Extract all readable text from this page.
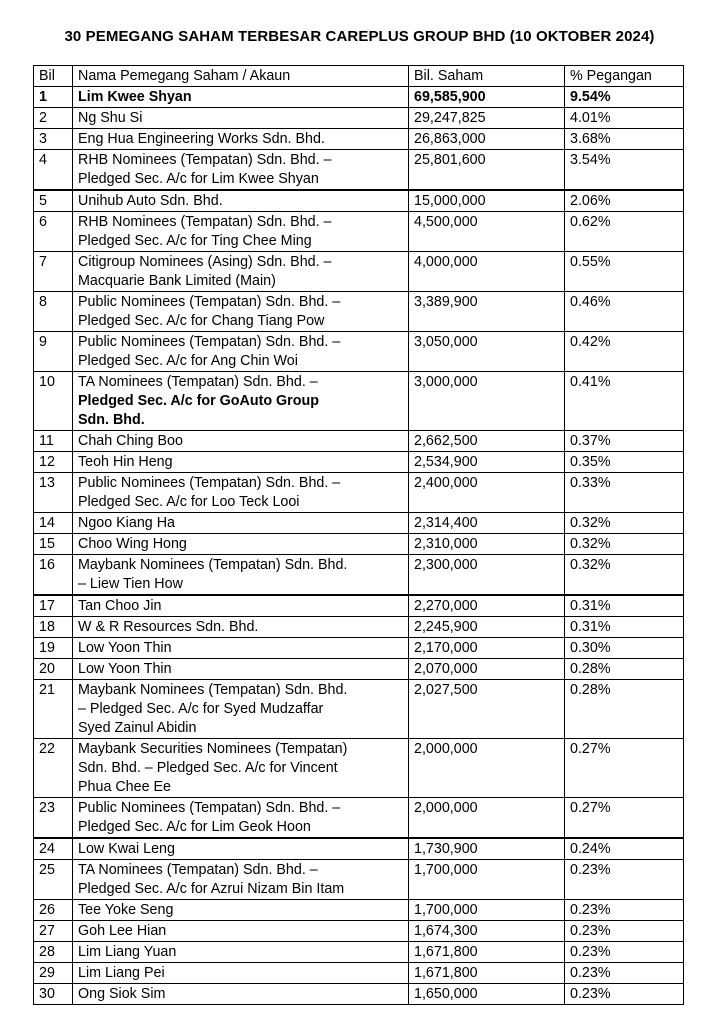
30 PEMEGANG SAHAM TERBESAR CAREPLUS GROUP BHD (10 OKTOBER 2024)
Bil	Nama Pemegang Saham / Akaun	Bil. Saham	% Pegangan
1	Lim Kwee Shyan	69,585,900	9.54%
2	Ng Shu Si	29,247,825	4.01%
3	Eng Hua Engineering Works Sdn. Bhd.	26,863,000	3.68%
4	RHB Nominees (Tempatan) Sdn. Bhd. –
Pledged Sec. A/c for Lim Kwee Shyan	25,801,600	3.54%
5	Unihub Auto Sdn. Bhd.	15,000,000	2.06%
6	RHB Nominees (Tempatan) Sdn. Bhd. –
Pledged Sec. A/c for Ting Chee Ming	4,500,000	0.62%
7	Citigroup Nominees (Asing) Sdn. Bhd. –
Macquarie Bank Limited (Main)	4,000,000	0.55%
8	Public Nominees (Tempatan) Sdn. Bhd. –
Pledged Sec. A/c for Chang Tiang Pow	3,389,900	0.46%
9	Public Nominees (Tempatan) Sdn. Bhd. –
Pledged Sec. A/c for Ang Chin Woi	3,050,000	0.42%
10	TA Nominees (Tempatan) Sdn. Bhd. –
Pledged Sec. A/c for GoAuto Group
Sdn. Bhd.	3,000,000	0.41%
11	Chah Ching Boo	2,662,500	0.37%
12	Teoh Hin Heng	2,534,900	0.35%
13	Public Nominees (Tempatan) Sdn. Bhd. –
Pledged Sec. A/c for Loo Teck Looi	2,400,000	0.33%
14	Ngoo Kiang Ha	2,314,400	0.32%
15	Choo Wing Hong	2,310,000	0.32%
16	Maybank Nominees (Tempatan) Sdn. Bhd.
– Liew Tien How	2,300,000	0.32%
17	Tan Choo Jin	2,270,000	0.31%
18	W & R Resources Sdn. Bhd.	2,245,900	0.31%
19	Low Yoon Thin	2,170,000	0.30%
20	Low Yoon Thin	2,070,000	0.28%
21	Maybank Nominees (Tempatan) Sdn. Bhd.
– Pledged Sec. A/c for Syed Mudzaffar
Syed Zainul Abidin	2,027,500	0.28%
22	Maybank Securities Nominees (Tempatan)
Sdn. Bhd. – Pledged Sec. A/c for Vincent
Phua Chee Ee	2,000,000	0.27%
23	Public Nominees (Tempatan) Sdn. Bhd. –
Pledged Sec. A/c for Lim Geok Hoon	2,000,000	0.27%
24	Low Kwai Leng	1,730,900	0.24%
25	TA Nominees (Tempatan) Sdn. Bhd. –
Pledged Sec. A/c for Azrui Nizam Bin Itam	1,700,000	0.23%
26	Tee Yoke Seng	1,700,000	0.23%
27	Goh Lee Hian	1,674,300	0.23%
28	Lim Liang Yuan	1,671,800	0.23%
29	Lim Liang Pei	1,671,800	0.23%
30	Ong Siok Sim	1,650,000	0.23%
